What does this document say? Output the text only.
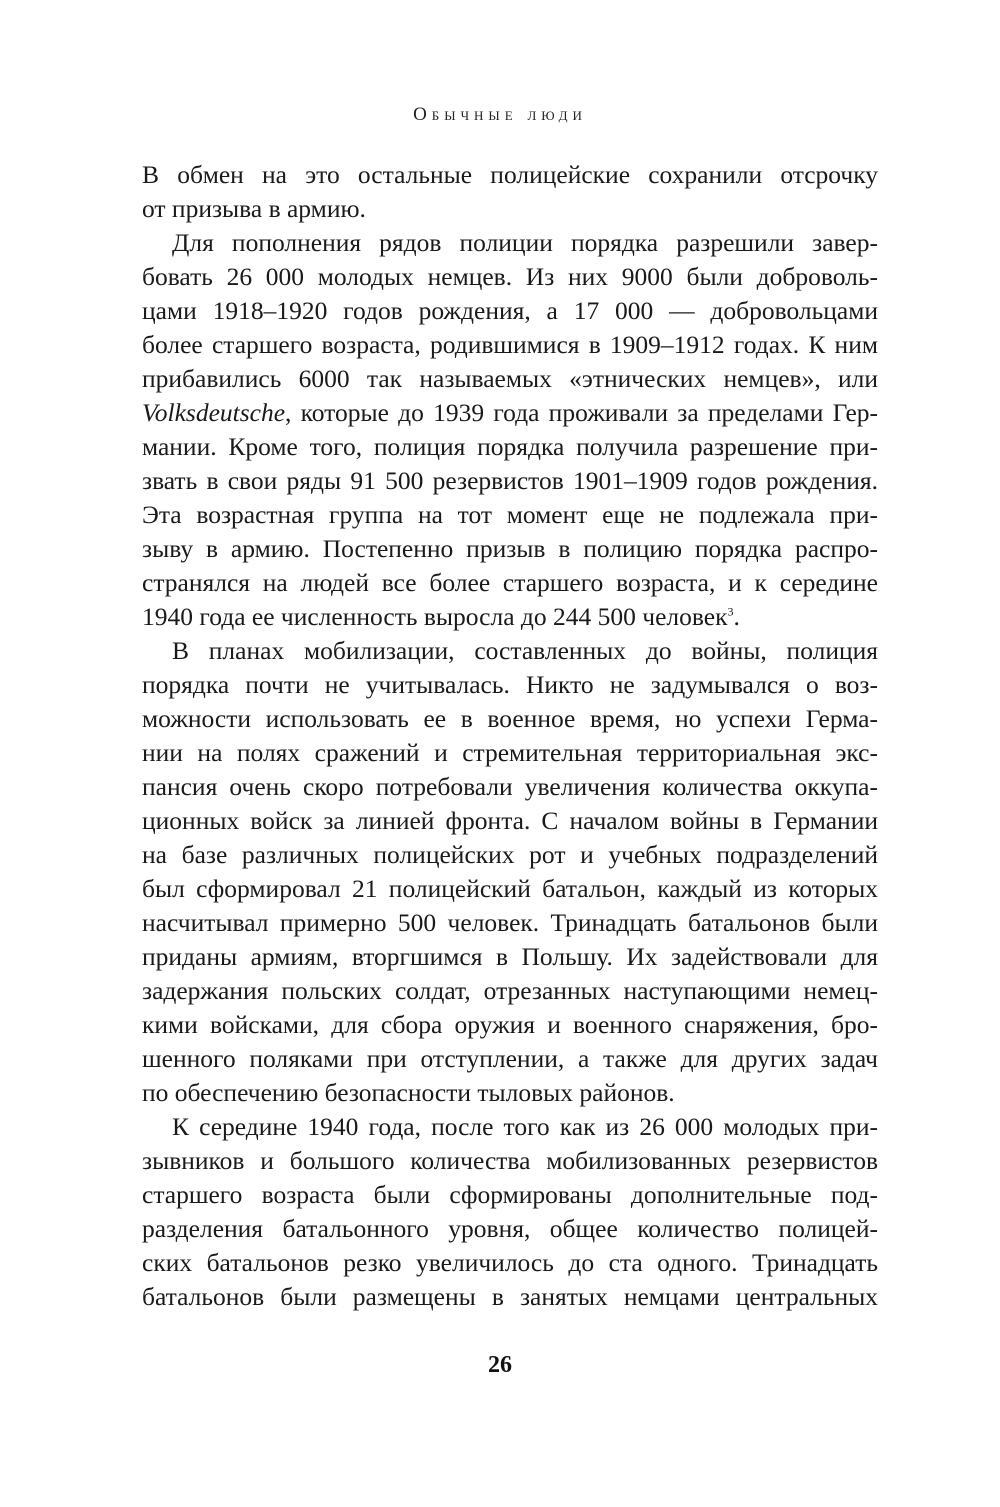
Обычные люди
В обмен на это остальные полицейские сохранили отсрочку
от призыва в армию.
Для пополнения рядов полиции порядка разрешили завер-
бовать 26 000 молодых немцев. Из них 9000 были доброволь-
цами 1918–1920 годов рождения, а 17 000 — добровольцами
более старшего возраста, родившимися в 1909–1912 годах. К ним
прибавились 6000 так называемых «этнических немцев», или
Volksdeutsche, которые до 1939 года проживали за пределами Гер-
мании. Кроме того, полиция порядка получила разрешение при-
звать в свои ряды 91 500 резервистов 1901–1909 годов рождения.
Эта возрастная группа на тот момент еще не подлежала при-
зыву в армию. Постепенно призыв в полицию порядка распро-
странялся на людей все более старшего возраста, и к середине
1940 года ее численность выросла до 244 500 человек$^3$.
В планах мобилизации, составленных до войны, полиция
порядка почти не учитывалась. Никто не задумывался о воз-
можности использовать ее в военное время, но успехи Герма-
нии на полях сражений и стремительная территориальная экс-
пансия очень скоро потребовали увеличения количества оккупа-
ционных войск за линией фронта. С началом войны в Германии
на базе различных полицейских рот и учебных подразделений
был сформировал 21 полицейский батальон, каждый из которых
насчитывал примерно 500 человек. Тринадцать батальонов были
приданы армиям, вторгшимся в Польшу. Их задействовали для
задержания польских солдат, отрезанных наступающими немец-
кими войсками, для сбора оружия и военного снаряжения, бро-
шенного поляками при отступлении, а также для других задач
по обеспечению безопасности тыловых районов.
К середине 1940 года, после того как из 26 000 молодых при-
зывников и большого количества мобилизованных резервистов
старшего возраста были сформированы дополнительные под-
разделения батальонного уровня, общее количество полицей-
ских батальонов резко увеличилось до ста одного. Тринадцать
батальонов были размещены в занятых немцами центральных
26
